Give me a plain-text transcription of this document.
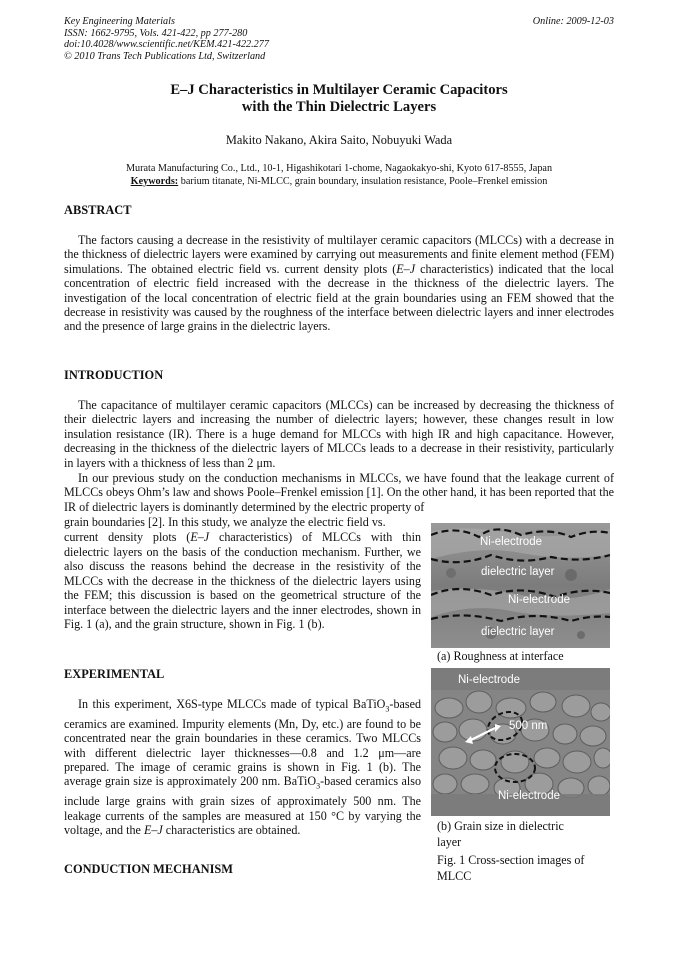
Key Engineering Materials
ISSN: 1662-9795, Vols. 421-422, pp 277-280
doi:10.4028/www.scientific.net/KEM.421-422.277
© 2010 Trans Tech Publications Ltd, Switzerland
Online: 2009-12-03
E–J Characteristics in Multilayer Ceramic Capacitors
with the Thin Dielectric Layers
Makito Nakano, Akira Saito, Nobuyuki Wada
Murata Manufacturing Co., Ltd., 10-1, Higashikotari 1-chome, Nagaokakyo-shi, Kyoto 617-8555, Japan
Keywords: barium titanate, Ni-MLCC, grain boundary, insulation resistance, Poole–Frenkel emission
ABSTRACT

The factors causing a decrease in the resistivity of multilayer ceramic capacitors (MLCCs) with a decrease in the thickness of dielectric layers were examined by carrying out measurements and finite element method (FEM) simulations. The obtained electric field vs. current density plots (E–J characteristics) indicated that the local concentration of electric field increased with the decrease in the thickness of the dielectric layers. The investigation of the local concentration of electric field at the grain boundaries using an FEM showed that the decrease in resistivity was caused by the roughness of the interface between dielectric layers and inner electrodes and the presence of large grains in the dielectric layers.

INTRODUCTION

The capacitance of multilayer ceramic capacitors (MLCCs) can be increased by decreasing the thickness of their dielectric layers and increasing the number of dielectric layers; however, these changes result in low insulation resistance (IR). There is a huge demand for MLCCs with high IR and high capacitance. However, decreasing in the thickness of the dielectric layers of MLCCs leads to a decrease in their resistivity, particularly in layers with a thickness of less than 2 μm.

In our previous study on the conduction mechanisms in MLCCs, we have found that the leakage current of MLCCs obeys Ohm’s law and shows Poole–Frenkel emission [1]. On the other hand, it has been reported that the IR of dielectric layers is dominantly determined by the electric property of

grain boundaries [2]. In this study, we analyze the electric field vs.
current density plots (E–J characteristics) of MLCCs with thin

dielectric layers on the basis of the conduction mechanism. Further, we also discuss the reasons behind the decrease in the resistivity of the MLCCs with the decrease in the thickness of the dielectric layers using the FEM; this discussion is based on the geometrical structure of the interface between the dielectric layers and the inner electrodes, shown in Fig. 1 (a), and the grain structure, shown in Fig. 1 (b).

EXPERIMENTAL

In this experiment, X6S-type MLCCs made of typical BaTiO$_3$-based ceramics are examined. Impurity elements (Mn, Dy, etc.) are found to be concentrated near the grain boundaries in these ceramics. Two MLCCs with different dielectric layer thicknesses—0.8 and 1.2 μm—are prepared. The image of ceramic grains is shown in Fig. 1 (b). The average grain size is approximately 200 nm. BaTiO$_3$-based ceramics also include large grains with grain sizes of approximately 500 nm. The leakage currents of the samples are measured at 150 °C by varying the voltage, and the E–J characteristics are obtained.

CONDUCTION MECHANISM
Ni-electrode
dielectric layer
Ni-electrode
dielectric layer
(a) Roughness at interface
Ni-electrode
500 nm
Ni-electrode
(b) Grain size in dielectric
layer
Fig. 1 Cross-section images of
MLCC
